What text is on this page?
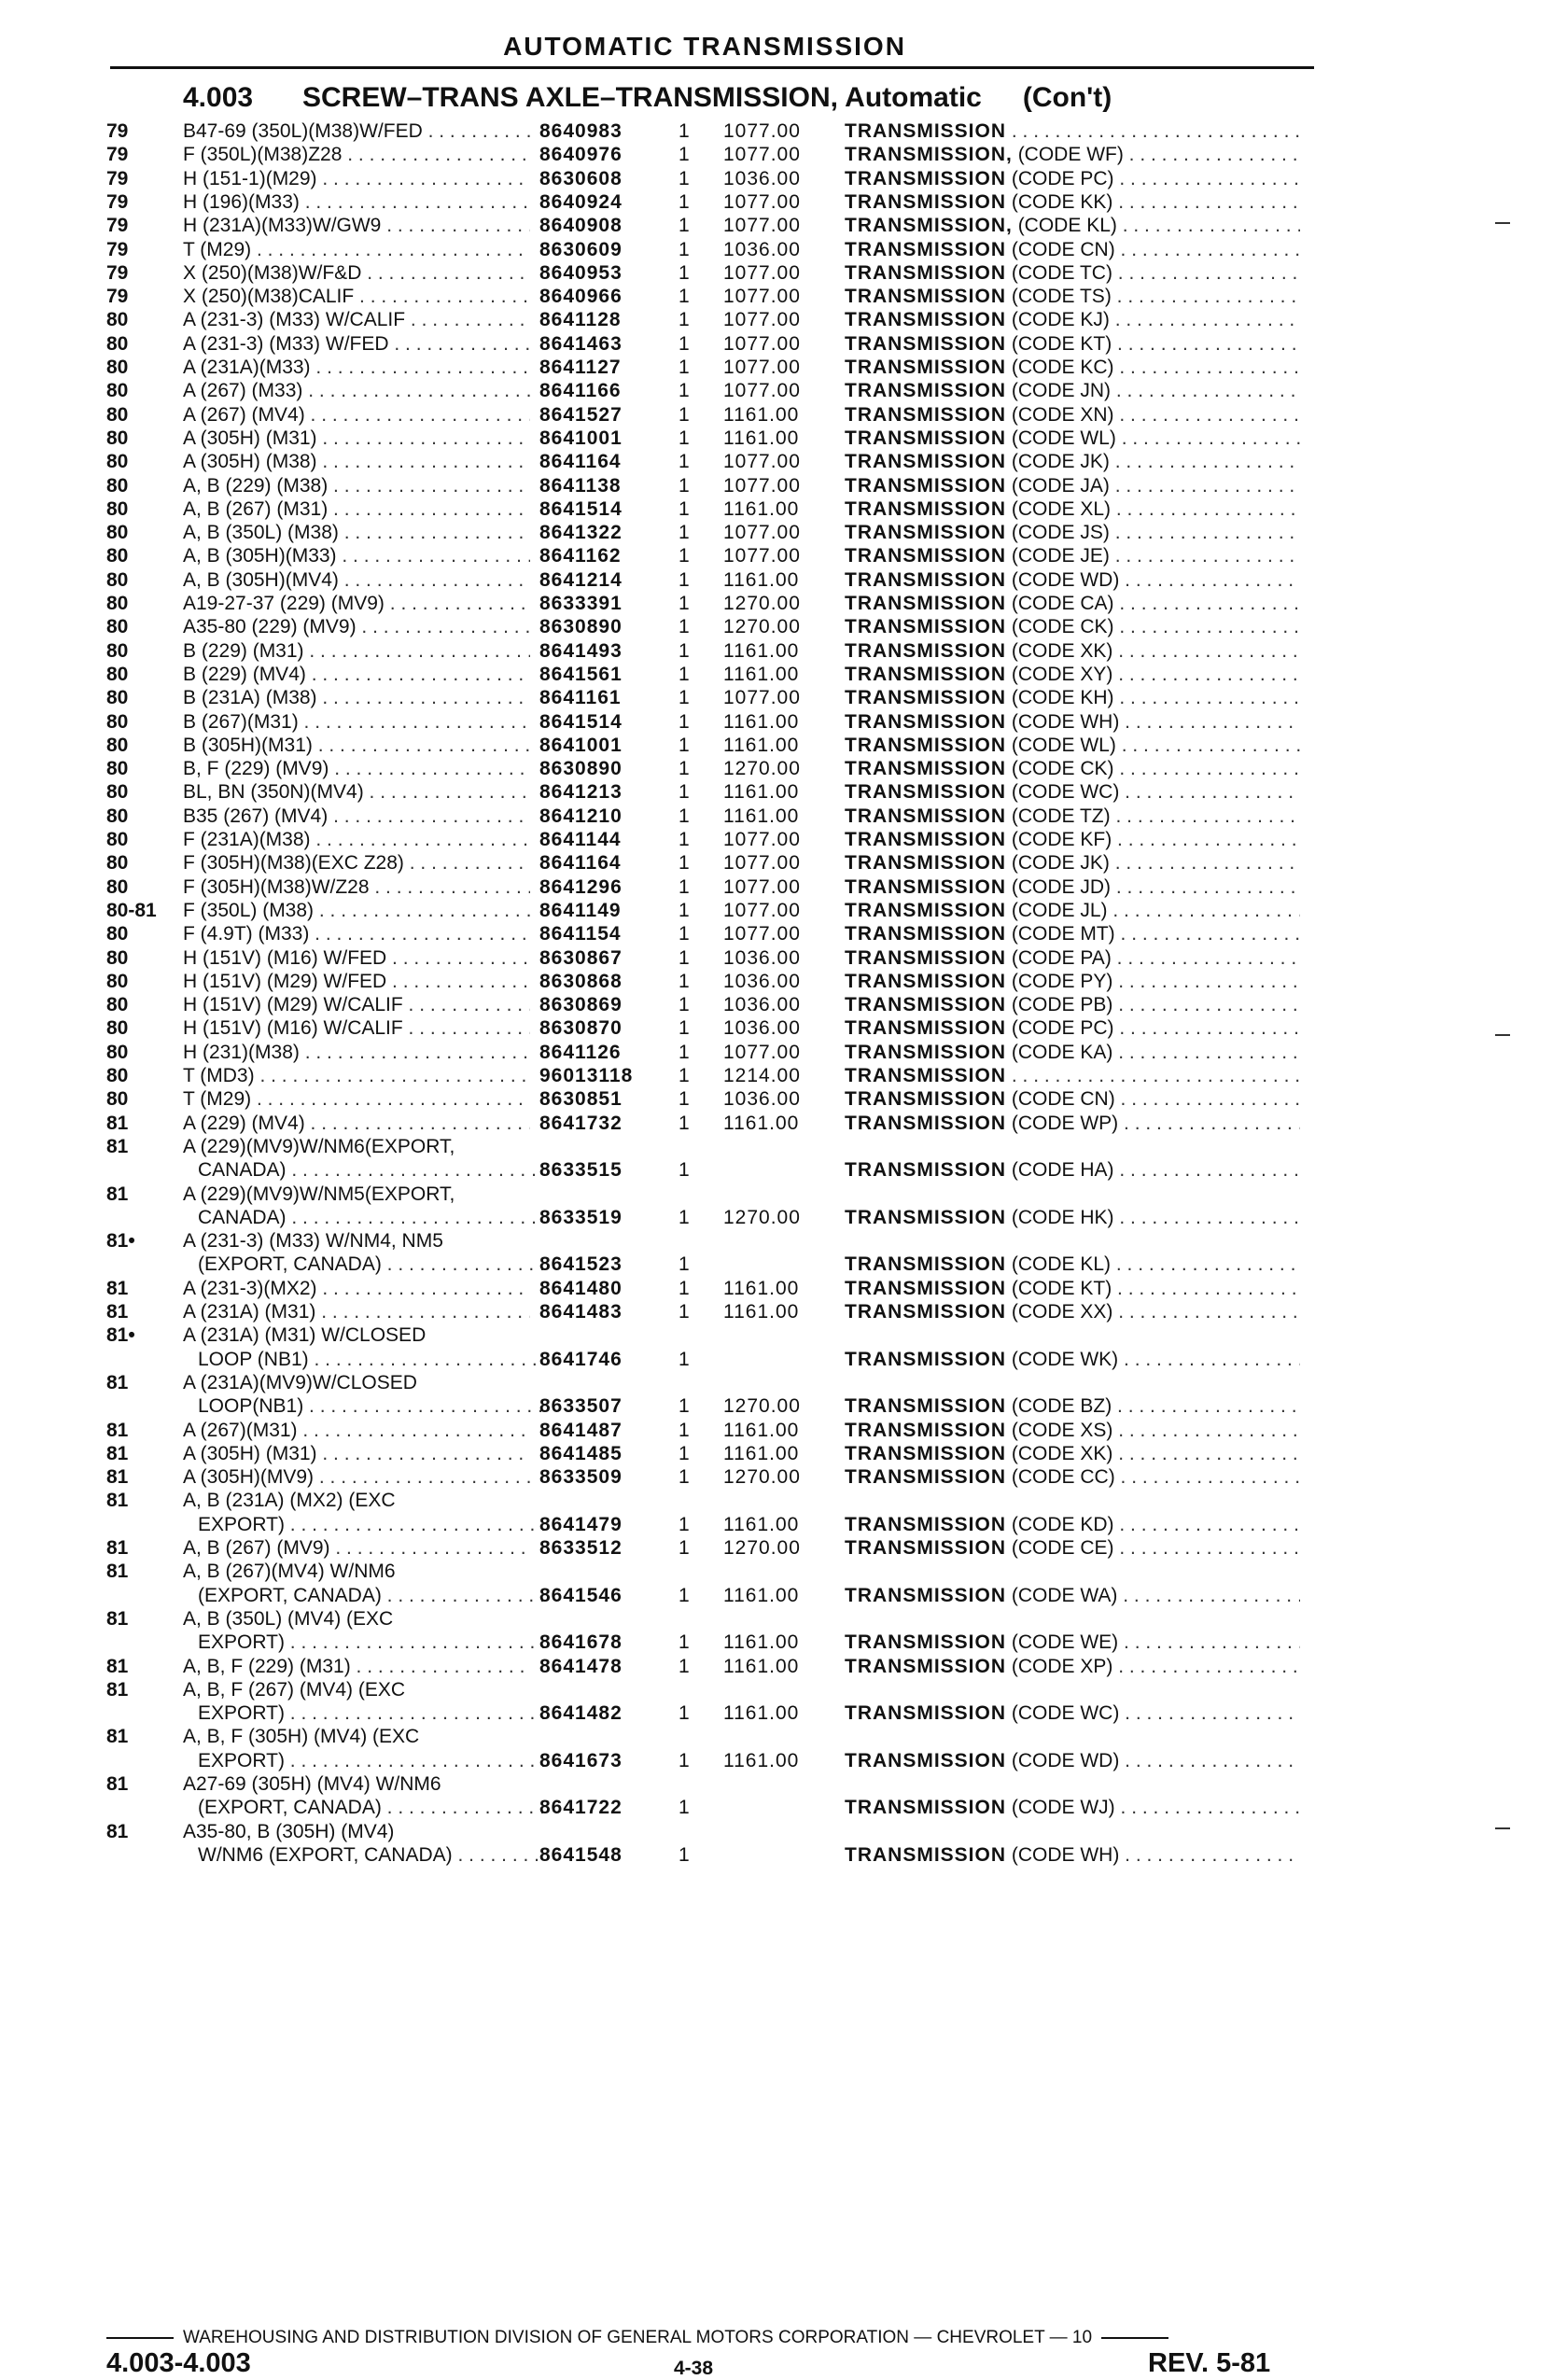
AUTOMATIC TRANSMISSION
4.003 SCREW–TRANS AXLE–TRANSMISSION, Automatic (Con't)
79	B47-69 (350L)(M38)W/FED . . .	8640983	1 1077.00 TRANSMISSION . . .
79	F (350L)(M38)Z28 . . .	8640976	1 1077.00 TRANSMISSION, (CODE WF) . . .
79	H (151-1)(M29) . . .	8630608	1 1036.00 TRANSMISSION (CODE PC) . . .
79	H (196)(M33) . . .	8640924	1 1077.00 TRANSMISSION (CODE KK) . . .
79	H (231A)(M33)W/GW9 . . .	8640908	1 1077.00 TRANSMISSION, (CODE KL) . . .
79	T (M29) . . .	8630609	1 1036.00 TRANSMISSION (CODE CN) . . .
79	X (250)(M38)W/F&D . . .	8640953	1 1077.00 TRANSMISSION (CODE TC) . . .
79	X (250)(M38)CALIF . . .	8640966	1 1077.00 TRANSMISSION (CODE TS) . . .
80	A (231-3) (M33) W/CALIF . . .	8641128	1 1077.00 TRANSMISSION (CODE KJ) . . .
80	A (231-3) (M33) W/FED . . .	8641463	1 1077.00 TRANSMISSION (CODE KT) . . .
80	A (231A)(M33) . . .	8641127	1 1077.00 TRANSMISSION (CODE KC) . . .
80	A (267) (M33) . . .	8641166	1 1077.00 TRANSMISSION (CODE JN) . . .
80	A (267) (MV4) . . .	8641527	1 1161.00 TRANSMISSION (CODE XN) . . .
80	A (305H) (M31) . . .	8641001	1 1161.00 TRANSMISSION (CODE WL) . . .
80	A (305H) (M38) . . .	8641164	1 1077.00 TRANSMISSION (CODE JK) . . .
80	A, B (229) (M38) . . .	8641138	1 1077.00 TRANSMISSION (CODE JA) . . .
80	A, B (267) (M31) . . .	8641514	1 1161.00 TRANSMISSION (CODE XL) . . .
80	A, B (350L) (M38) . . .	8641322	1 1077.00 TRANSMISSION (CODE JS) . . .
80	A, B (305H)(M33) . . .	8641162	1 1077.00 TRANSMISSION (CODE JE) . . .
80	A, B (305H)(MV4) . . .	8641214	1 1161.00 TRANSMISSION (CODE WD) . . .
80	A19-27-37 (229) (MV9) . . .	8633391	1 1270.00 TRANSMISSION (CODE CA) . . .
80	A35-80 (229) (MV9) . . .	8630890	1 1270.00 TRANSMISSION (CODE CK) . . .
80	B (229) (M31) . . .	8641493	1 1161.00 TRANSMISSION (CODE XK) . . .
80	B (229) (MV4) . . .	8641561	1 1161.00 TRANSMISSION (CODE XY) . . .
80	B (231A) (M38) . . .	8641161	1 1077.00 TRANSMISSION (CODE KH) . . .
80	B (267)(M31) . . .	8641514	1 1161.00 TRANSMISSION (CODE WH) . . .
80	B (305H)(M31) . . .	8641001	1 1161.00 TRANSMISSION (CODE WL) . . .
80	B, F (229) (MV9) . . .	8630890	1 1270.00 TRANSMISSION (CODE CK) . . .
80	BL, BN (350N)(MV4) . . .	8641213	1 1161.00 TRANSMISSION (CODE WC) . . .
80	B35 (267) (MV4) . . .	8641210	1 1161.00 TRANSMISSION (CODE TZ) . . .
80	F (231A)(M38) . . .	8641144	1 1077.00 TRANSMISSION (CODE KF) . . .
80	F (305H)(M38)(EXC Z28) . . .	8641164	1 1077.00 TRANSMISSION (CODE JK) . . .
80	F (305H)(M38)W/Z28 . . .	8641296	1 1077.00 TRANSMISSION (CODE JD) . . .
80-81 F (350L) (M38) . . .	8641149	1 1077.00 TRANSMISSION (CODE JL) . . .
80	F (4.9T) (M33) . . .	8641154	1 1077.00 TRANSMISSION (CODE MT) . . .
80	H (151V) (M16) W/FED . . .	8630867	1 1036.00 TRANSMISSION (CODE PA) . . .
80	H (151V) (M29) W/FED . . .	8630868	1 1036.00 TRANSMISSION (CODE PY) . . .
80	H (151V) (M29) W/CALIF . . .	8630869	1 1036.00 TRANSMISSION (CODE PB) . . .
80	H (151V) (M16) W/CALIF . . .	8630870	1 1036.00 TRANSMISSION (CODE PC) . . .
80	H (231)(M38) . . .	8641126	1 1077.00 TRANSMISSION (CODE KA) . . .
80	T (MD3) . . .	96013118 1 1214.00 TRANSMISSION . . .
80	T (M29) . . .	8630851	1 1036.00 TRANSMISSION (CODE CN) . . .
81	A (229) (MV4) . . .	8641732	1 1161.00 TRANSMISSION (CODE WP) . . .
81	A (229)(MV9)W/NM6(EXPORT,
CANADA) . . .	8633515	1	TRANSMISSION (CODE HA) . . .
81	A (229)(MV9)W/NM5(EXPORT,
CANADA) . . .	8633519	1 1270.00 TRANSMISSION (CODE HK) . . .
81• A (231-3) (M33) W/NM4, NM5
(EXPORT, CANADA) . . .	8641523	1	TRANSMISSION (CODE KL) . . .
81	A (231-3)(MX2) . . .	8641480	1 1161.00 TRANSMISSION (CODE KT) . . .
81	A (231A) (M31) . . .	8641483	1 1161.00 TRANSMISSION (CODE XX) . . .
81• A (231A) (M31) W/CLOSED
LOOP (NB1) . . .	8641746	1	TRANSMISSION (CODE WK) . . .
81	A (231A)(MV9)W/CLOSED
LOOP(NB1) . . .	8633507	1 1270.00 TRANSMISSION (CODE BZ) . . .
81	A (267)(M31) . . .	8641487	1 1161.00 TRANSMISSION (CODE XS) . . .
81	A (305H) (M31) . . .	8641485	1 1161.00 TRANSMISSION (CODE XK) . . .
81	A (305H)(MV9) . . .	8633509	1 1270.00 TRANSMISSION (CODE CC) . . .
81	A, B (231A) (MX2) (EXC
EXPORT) . . .	8641479	1 1161.00 TRANSMISSION (CODE KD) . . .
81	A, B (267) (MV9) . . .	8633512	1 1270.00 TRANSMISSION (CODE CE) . . .
81	A, B (267)(MV4) W/NM6
(EXPORT, CANADA) . . .	8641546	1 1161.00 TRANSMISSION (CODE WA) . . .
81	A, B (350L) (MV4) (EXC
EXPORT) . . .	8641678	1 1161.00 TRANSMISSION (CODE WE) . . .
81	A, B, F (229) (M31) . . .	8641478	1 1161.00 TRANSMISSION (CODE XP) . . .
81	A, B, F (267) (MV4) (EXC
EXPORT) . . .	8641482	1 1161.00 TRANSMISSION (CODE WC) . . .
81	A, B, F (305H) (MV4) (EXC
EXPORT) . . .	8641673	1 1161.00 TRANSMISSION (CODE WD) . . .
81	A27-69 (305H) (MV4) W/NM6
(EXPORT, CANADA) . . .	8641722	1	TRANSMISSION (CODE WJ) . . .
81	A35-80, B (305H) (MV4)
W/NM6 (EXPORT, CANADA) . . .	8641548	1	TRANSMISSION (CODE WH) . . .
WAREHOUSING AND DISTRIBUTION DIVISION OF GENERAL MOTORS CORPORATION — CHEVROLET — 10
4.003-4.003	4-38	REV. 5-81
